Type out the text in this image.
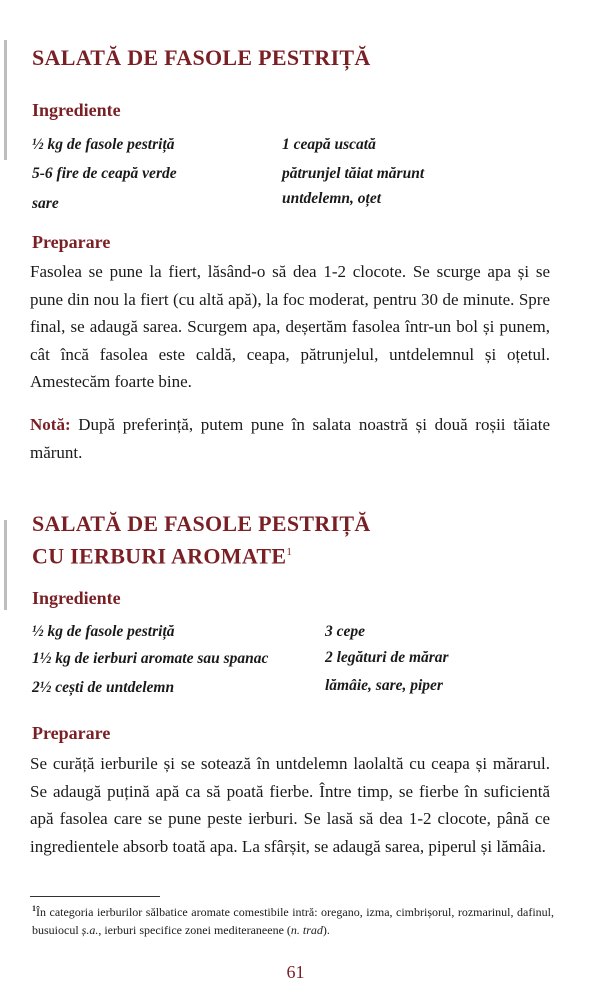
SALATĂ DE FASOLE PESTRIȚĂ
Ingrediente
½ kg de fasole pestriță
5-6 fire de ceapă verde
sare
1 ceapă uscată
pătrunjel tăiat mărunt
untdelemn, oțet
Preparare

Fasolea se pune la fiert, lăsând-o să dea 1-2 clocote. Se scurge apa și se pune din nou la fiert (cu altă apă), la foc moderat, pentru 30 de minute. Spre final, se adaugă sarea. Scurgem apa, deșertăm fasolea într-un bol și punem, cât încă fasolea este caldă, ceapa, pătrunjelul, untdelemnul și oțetul. Amestecăm foarte bine.

Notă: După preferință, putem pune în salata noastră și două roșii tăiate mărunt.

SALATĂ DE FASOLE PESTRIȚĂ
CU IERBURI AROMATE$^1$
Ingrediente
½ kg de fasole pestriță
1½ kg de ierburi aromate sau spanac
2½ cești de untdelemn
3 cepe
2 legături de mărar
lămâie, sare, piper
Preparare

Se curăță ierburile și se sotează în untdelemn laolaltă cu ceapa și mărarul. Se adaugă puțină apă ca să poată fierbe. Între timp, se fierbe în suficientă apă fasolea care se pune peste ierburi. Se lasă să dea 1-2 clocote, până ce ingredientele absorb toată apa. La sfârșit, se adaugă sarea, piperul și lămâia.

$^1$În categoria ierburilor sălbatice aromate comestibile intră: oregano, izma, cimbrișorul, rozmarinul, dafinul, busuiocul ș.a., ierburi specifice zonei mediteraneene (n. trad).

61
